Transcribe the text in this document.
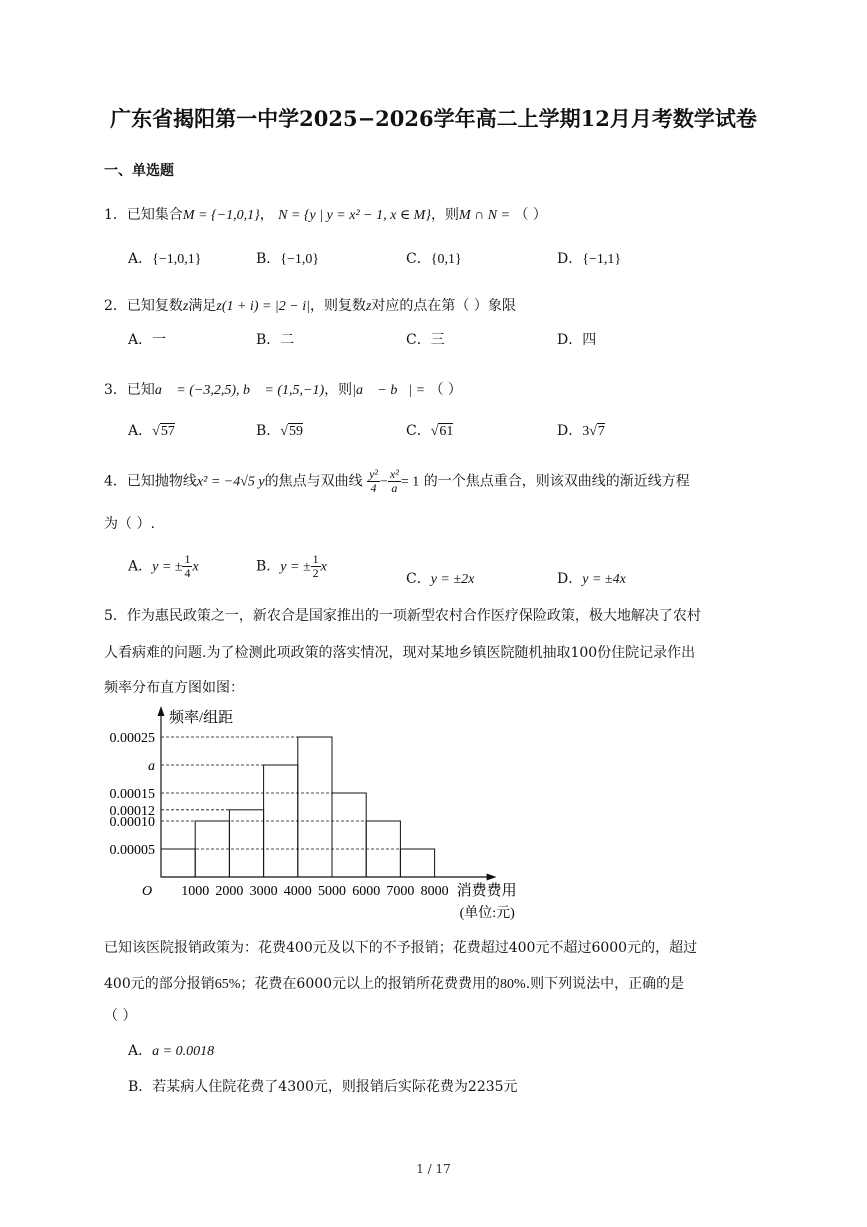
广东省揭阳第一中学2025−2026学年高二上学期12月月考数学试卷
一、单选题
1．已知集合M = {−1,0,1}， N = {y | y = x² − 1, x ∈ M}，则M ∩ N = （ ）
A．{−1,0,1}	B．{−1,0}	C．{0,1}	D．{−1,1}
2．已知复数z满足z(1 + i) = |2 − i|，则复数z对应的点在第（ ）象限
A．一	B．二	C．三	D．四
3．已知a⃗ = (−3,2,5), b⃗ = (1,5,−1)，则|a⃗ − b⃗| = （ ）
A．√57	B．√59	C．√61	D．3√7
4．已知抛物线x² = −4√5 y的焦点与双曲线 $\frac{\text{y²}}{4} - \frac{\text{x²}}{a} = 1$ 的一个焦点重合，则该双曲线的渐近线方程
为（ ）.
A．y = ± $\frac{1}{4}$ x	B．y = ± $\frac{1}{2}$ x
C．y = ±2x	D．y = ±4x
5．作为惠民政策之一，新农合是国家推出的一项新型农村合作医疗保险政策，极大地解决了农村
人看病难的问题.为了检测此项政策的落实情况，现对某地乡镇医院随机抽取100份住院记录作出
频率分布直方图如图：
0.00025
a
0.00015
0.00012
0.00010
0.00005
1000 2000 3000 4000 5000 6000 7000 8000
O
频率/组距
消费费用
(单位:元)
已知该医院报销政策为：花费400元及以下的不予报销；花费超过400元不超过6000元的，超过
400元的部分报销65%；花费在6000元以上的报销所花费费用的80%.则下列说法中，正确的是
（ ）
A．a = 0.0018
B．若某病人住院花费了4300元，则报销后实际花费为2235元
1 / 17
